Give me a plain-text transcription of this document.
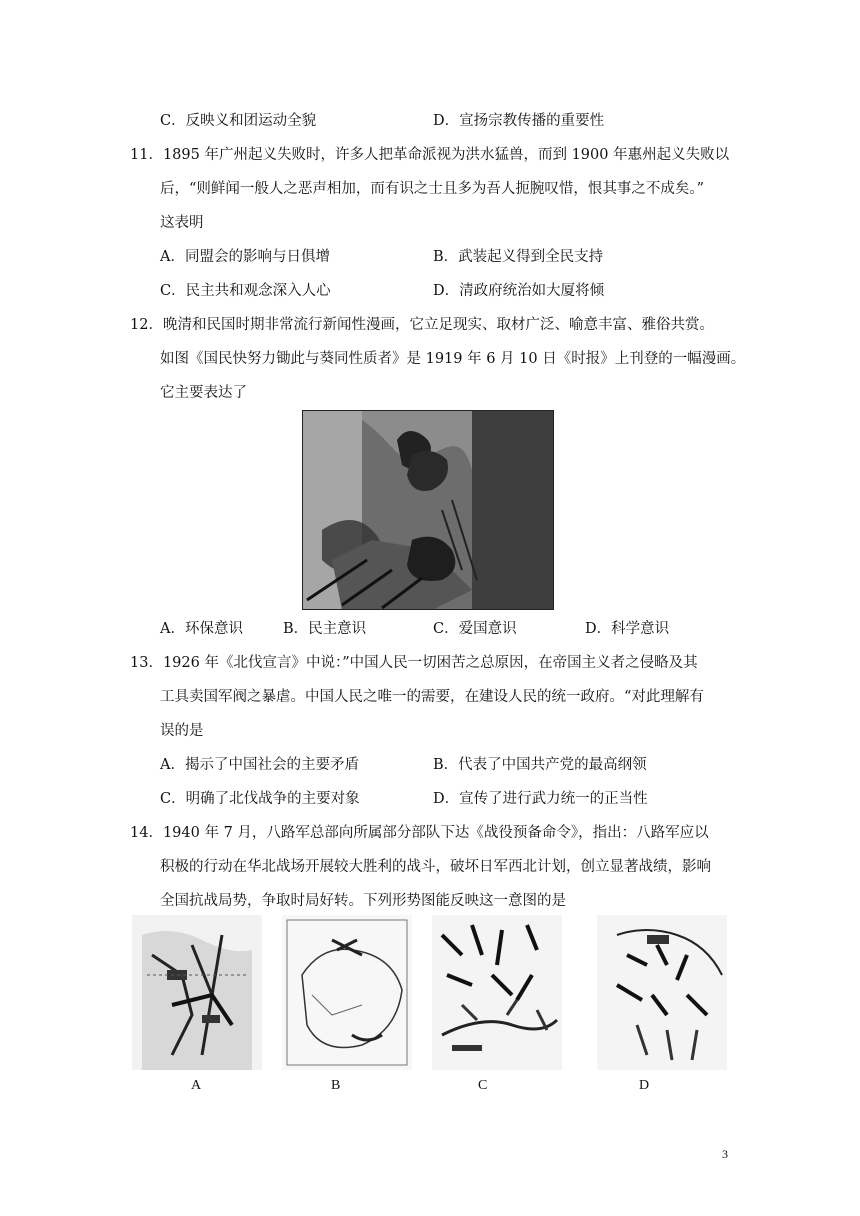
C．反映义和团运动全貌	D．宣扬宗教传播的重要性
11．1895 年广州起义失败时，许多人把革命派视为洪水猛兽，而到 1900 年惠州起义失败以
后，“则鲜闻一般人之恶声相加，而有识之士且多为吾人扼腕叹惜，恨其事之不成矣。”
这表明
A．同盟会的影响与日俱增	B．武装起义得到全民支持
C．民主共和观念深入人心	D．清政府统治如大厦将倾
12．晚清和民国时期非常流行新闻性漫画，它立足现实、取材广泛、喻意丰富、雅俗共赏。
如图《国民快努力锄此与葵同性质者》是 1919 年 6 月 10 日《时报》上刊登的一幅漫画。
它主要表达了
A．环保意识	B．民主意识	C．爱国意识	D．科学意识
13．1926 年《北伐宣言》中说：”中国人民一切困苦之总原因，在帝国主义者之侵略及其
工具卖国军阀之暴虐。中国人民之唯一的需要，在建设人民的统一政府。“对此理解有
误的是
A．揭示了中国社会的主要矛盾	B．代表了中国共产党的最高纲领
C．明确了北伐战争的主要对象	D．宣传了进行武力统一的正当性
14．1940 年 7 月，八路军总部向所属部分部队下达《战役预备命令》，指出：八路军应以
积极的行动在华北战场开展较大胜利的战斗，破坏日军西北计划，创立显著战绩，影响
全国抗战局势，争取时局好转。下列形势图能反映这一意图的是
A	B	C	D
3
